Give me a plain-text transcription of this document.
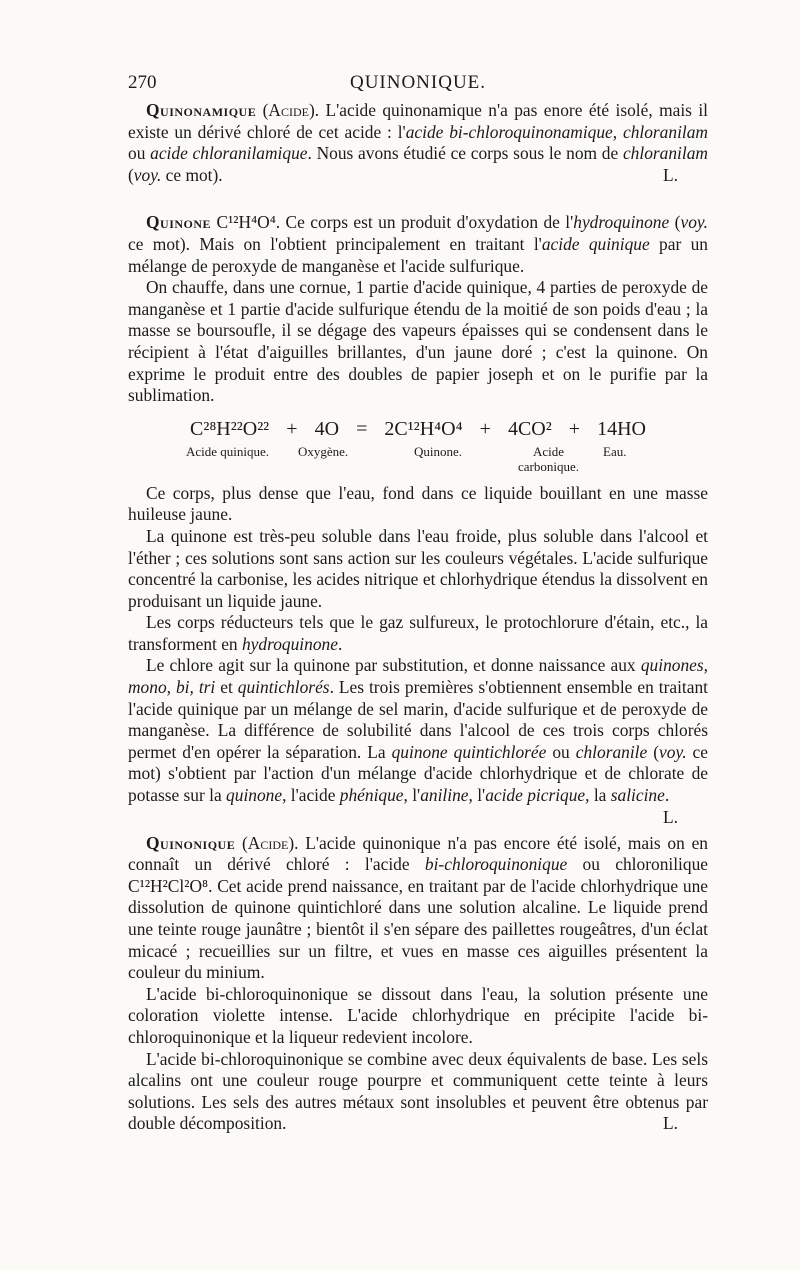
270	QUINONIQUE.

Quinonamique (Acide). L'acide quinonamique n'a pas enore été isolé, mais il existe un dérivé chloré de cet acide : l'acide bi-chloroquinonamique, chloranilam ou acide chloranilamique. Nous avons étudié ce corps sous le nom de chloranilam (voy. ce mot).	L.

Quinone C¹²H⁴O⁴. Ce corps est un produit d'oxydation de l'hydroquinone (voy. ce mot). Mais on l'obtient principalement en traitant l'acide quinique par un mélange de peroxyde de manganèse et l'acide sulfurique.

On chauffe, dans une cornue, 1 partie d'acide quinique, 4 parties de peroxyde de manganèse et 1 partie d'acide sulfurique étendu de la moitié de son poids d'eau ; la masse se boursoufle, il se dégage des vapeurs épaisses qui se condensent dans le récipient à l'état d'aiguilles brillantes, d'un jaune doré ; c'est la quinone. On exprime le produit entre des doubles de papier joseph et on le purifie par la sublimation.

C²⁸H²²O²² + 4O = 2C¹²H⁴O⁴ + 4CO² + 14HO
Acide quinique. Oxygène.	Quinone.	Acide
carbonique.
Eau.

Ce corps, plus dense que l'eau, fond dans ce liquide bouillant en une masse huileuse jaune.

La quinone est très-peu soluble dans l'eau froide, plus soluble dans l'alcool et l'éther ; ces solutions sont sans action sur les couleurs végétales. L'acide sulfurique concentré la carbonise, les acides nitrique et chlorhydrique étendus la dissolvent en produisant un liquide jaune.

Les corps réducteurs tels que le gaz sulfureux, le protochlorure d'étain, etc., la transforment en hydroquinone.

Le chlore agit sur la quinone par substitution, et donne naissance aux quinones, mono, bi, tri et quintichlorés. Les trois premières s'obtiennent ensemble en traitant l'acide quinique par un mélange de sel marin, d'acide sulfurique et de peroxyde de manganèse. La différence de solubilité dans l'alcool de ces trois corps chlorés permet d'en opérer la séparation. La quinone quintichlorée ou chloranile (voy. ce mot) s'obtient par l'action d'un mélange d'acide chlorhydrique et de chlorate de potasse sur la quinone, l'acide phénique, l'aniline, l'acide picrique, la salicine.
L.

Quinonique (Acide). L'acide quinonique n'a pas encore été isolé, mais on en connaît un dérivé chloré : l'acide bi-chloroquinonique ou chloronilique C¹²H²Cl²O⁸. Cet acide prend naissance, en traitant par de l'acide chlorhydrique une dissolution de quinone quintichloré dans une solution alcaline. Le liquide prend une teinte rouge jaunâtre ; bientôt il s'en sépare des paillettes rougeâtres, d'un éclat micacé ; recueillies sur un filtre, et vues en masse ces aiguilles présentent la couleur du minium.

L'acide bi-chloroquinonique se dissout dans l'eau, la solution présente une coloration violette intense. L'acide chlorhydrique en précipite l'acide bi-chloroquinonique et la liqueur redevient incolore.

L'acide bi-chloroquinonique se combine avec deux équivalents de base. Les sels alcalins ont une couleur rouge pourpre et communiquent cette teinte à leurs solutions. Les sels des autres métaux sont insolubles et peuvent être obtenus par double décomposition.	L.
